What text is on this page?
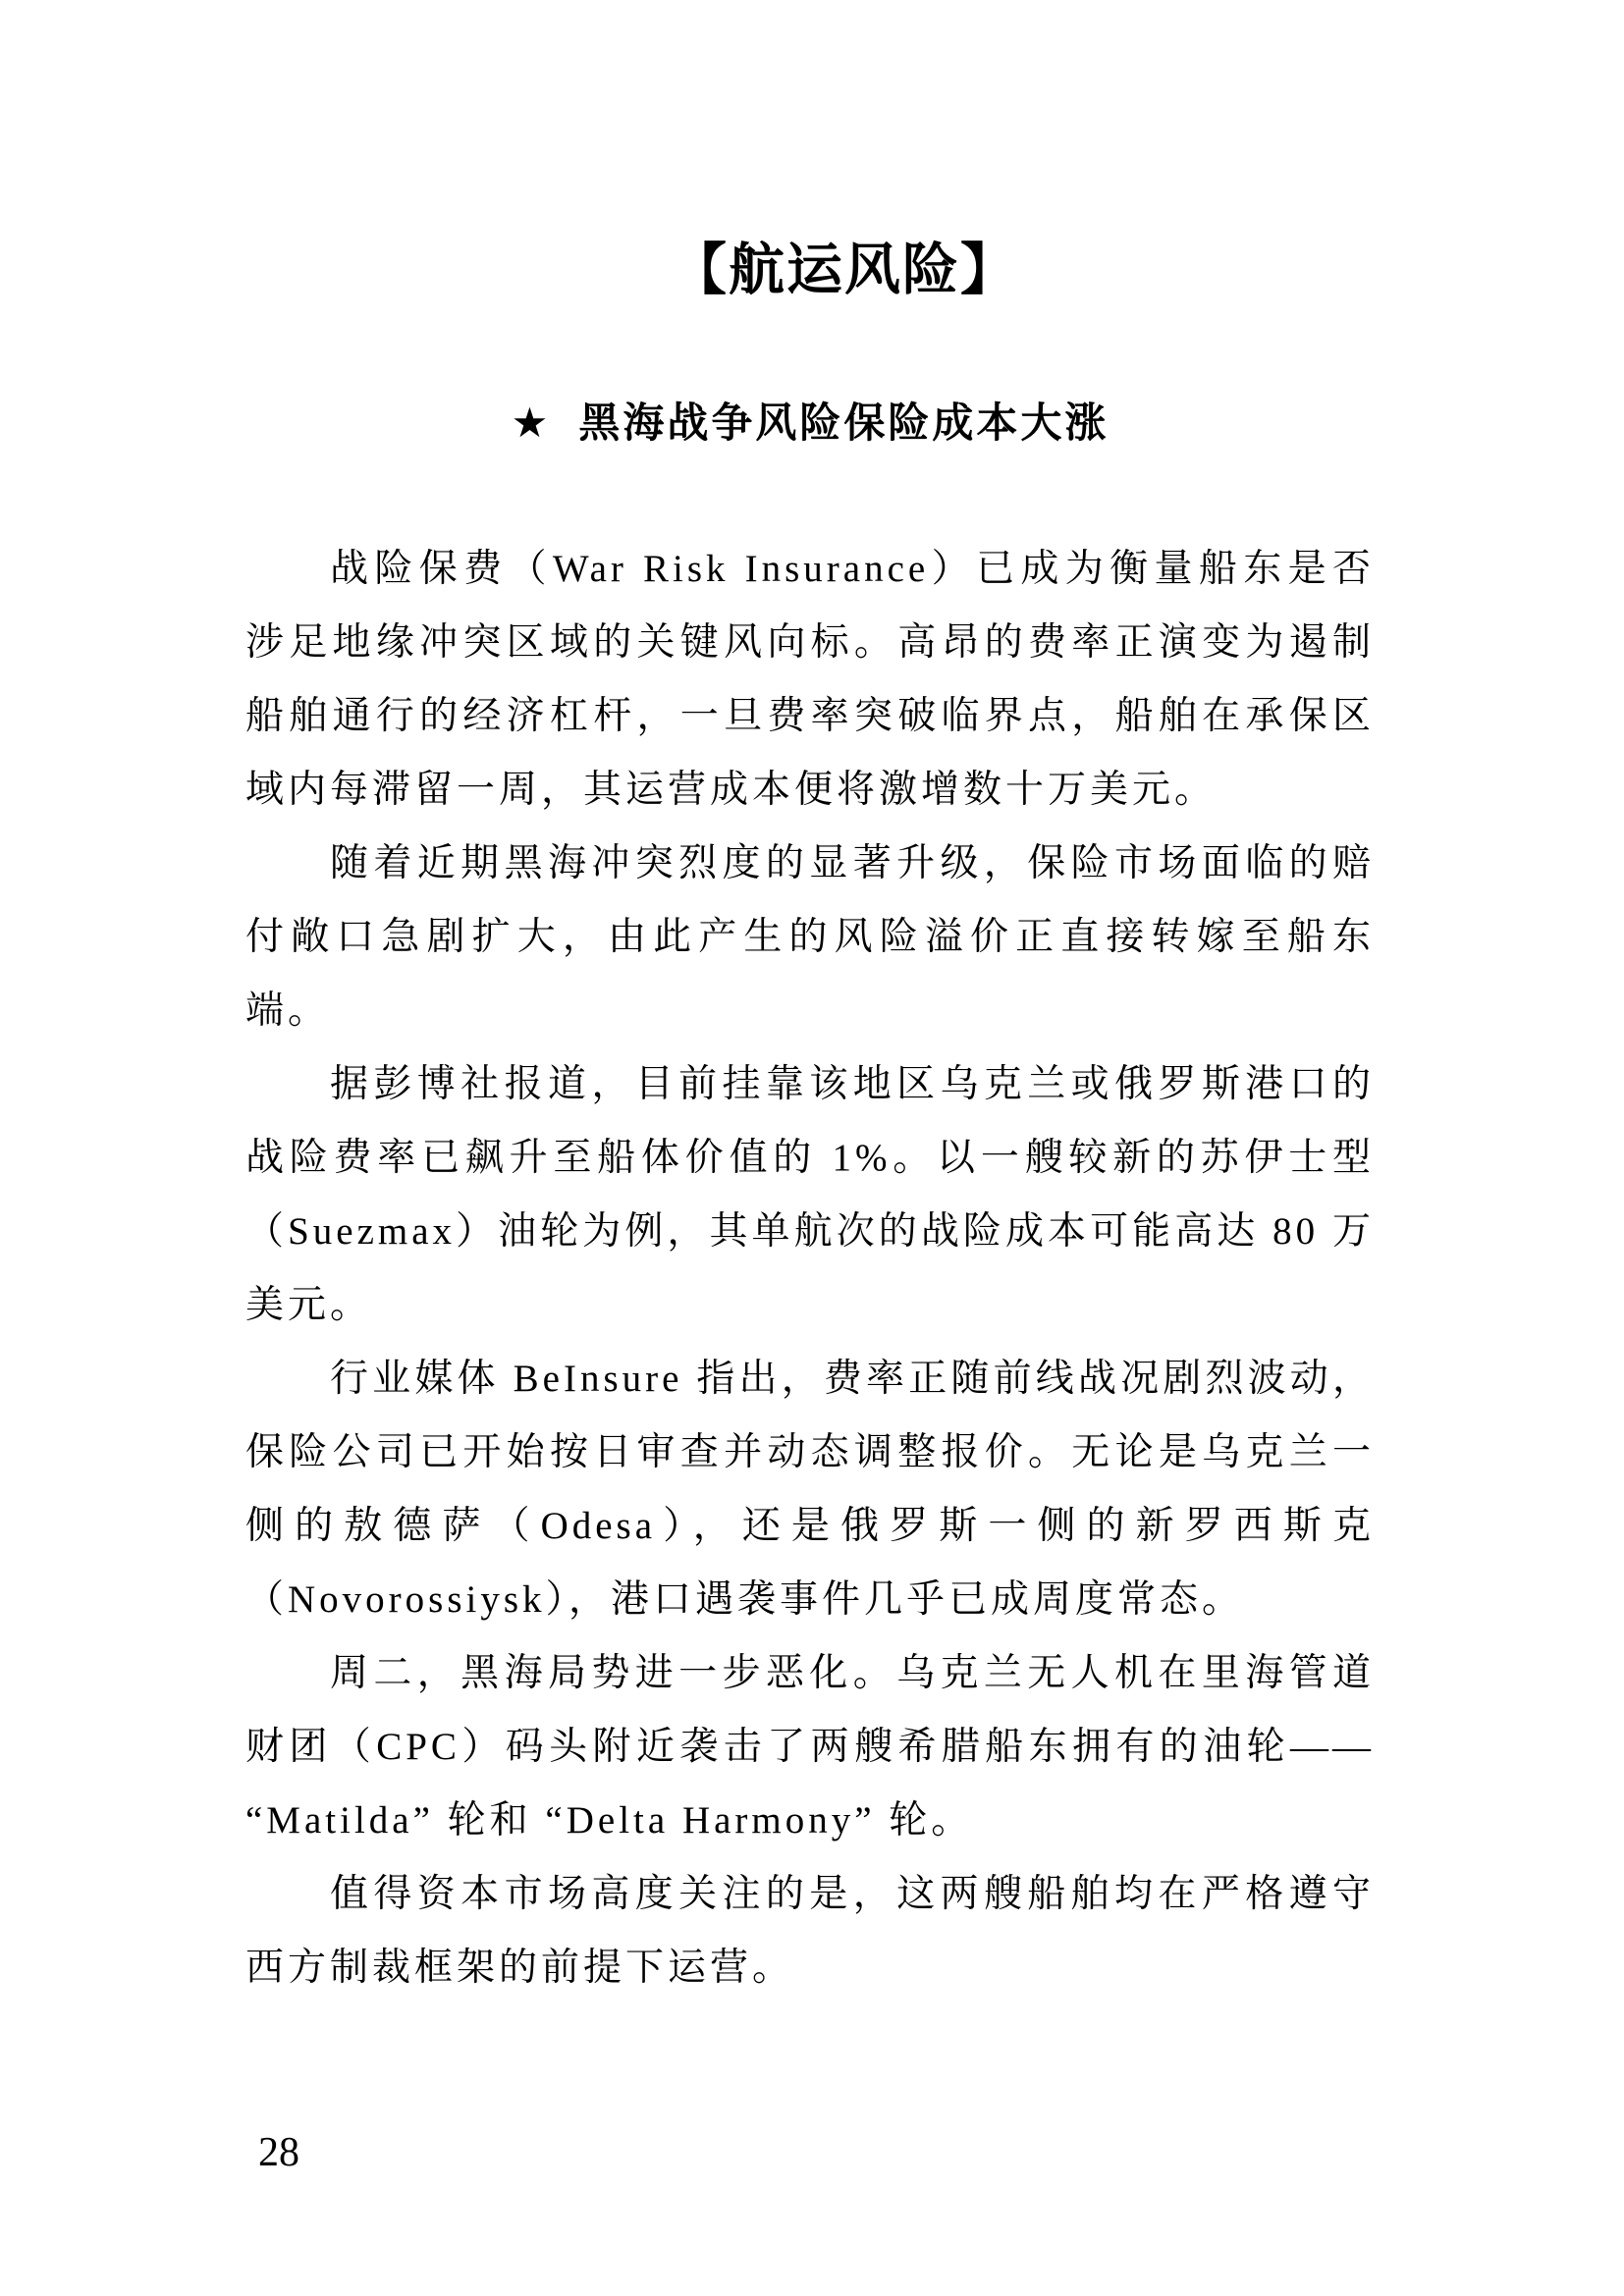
【航运风险】
★ 黑海战争风险保险成本大涨

战险保费（War Risk Insurance）已成为衡量船东是否涉足地缘冲突区域的关键风向标。高昂的费率正演变为遏制船舶通行的经济杠杆，一旦费率突破临界点，船舶在承保区域内每滞留一周，其运营成本便将激增数十万美元。

随着近期黑海冲突烈度的显著升级，保险市场面临的赔付敞口急剧扩大，由此产生的风险溢价正直接转嫁至船东端。

据彭博社报道，目前挂靠该地区乌克兰或俄罗斯港口的战险费率已飙升至船体价值的 1%。以一艘较新的苏伊士型（Suezmax）油轮为例，其单航次的战险成本可能高达 80 万美元。

行业媒体 BeInsure 指出，费率正随前线战况剧烈波动，保险公司已开始按日审查并动态调整报价。无论是乌克兰一侧的敖德萨（Odesa），还是俄罗斯一侧的新罗西斯克（Novorossiysk），港口遇袭事件几乎已成周度常态。

周二，黑海局势进一步恶化。乌克兰无人机在里海管道财团（CPC）码头附近袭击了两艘希腊船东拥有的油轮——“Matilda” 轮和 “Delta Harmony” 轮。

值得资本市场高度关注的是，这两艘船舶均在严格遵守西方制裁框架的前提下运营。

28
